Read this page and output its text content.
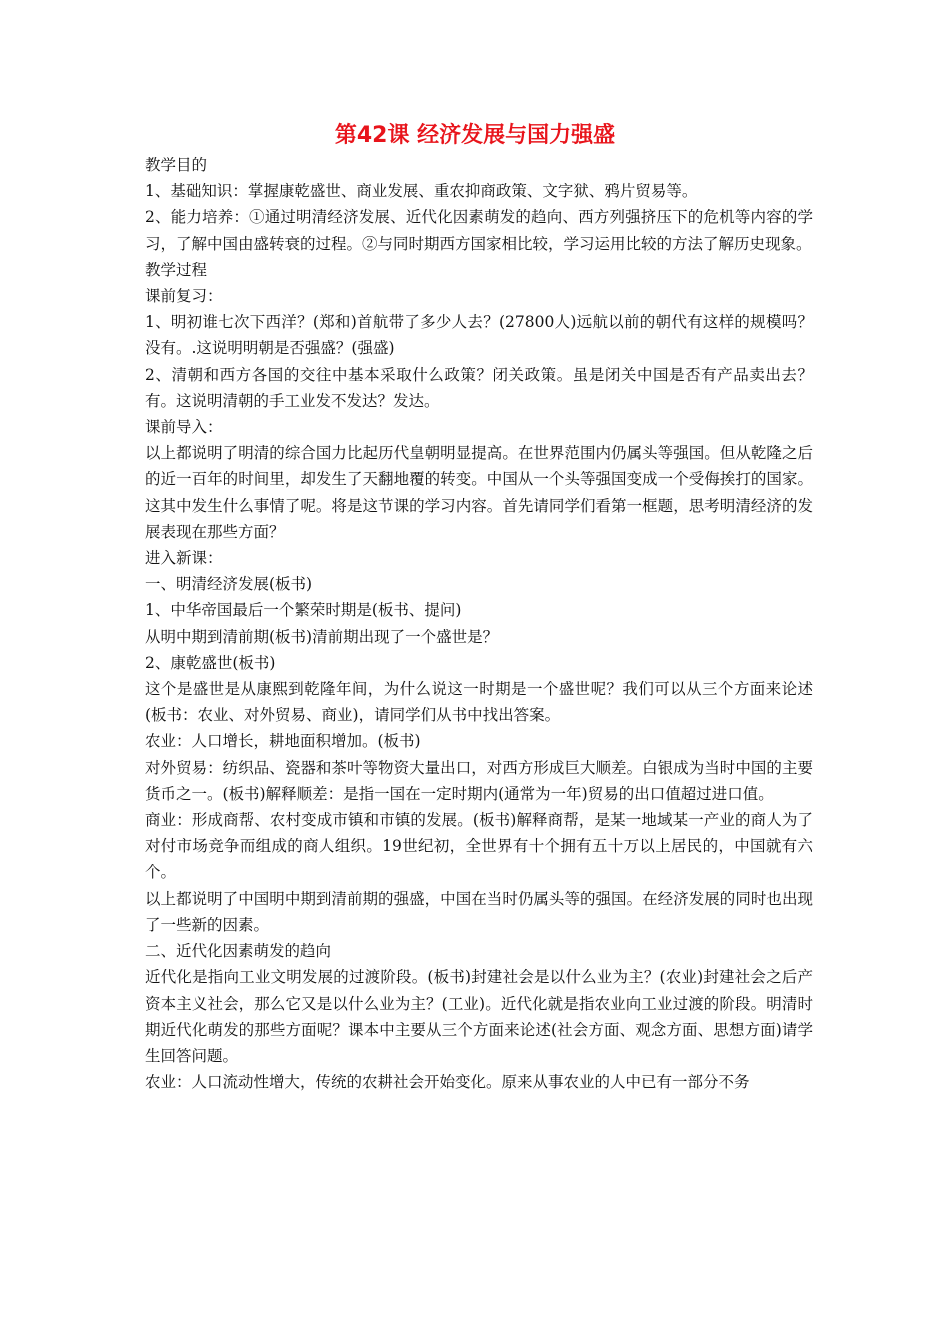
第42课 经济发展与国力强盛

教学目的

1、基础知识：掌握康乾盛世、商业发展、重农抑商政策、文字狱、鸦片贸易等。

2、能力培养：①通过明清经济发展、近代化因素萌发的趋向、西方列强挤压下的危机等内容的学习，了解中国由盛转衰的过程。②与同时期西方国家相比较，学习运用比较的方法了解历史现象。

教学过程

课前复习：

1、明初谁七次下西洋？(郑和)首航带了多少人去？(27800人)远航以前的朝代有这样的规模吗？没有。.这说明明朝是否强盛？(强盛)

2、清朝和西方各国的交往中基本采取什么政策？闭关政策。虽是闭关中国是否有产品卖出去？有。这说明清朝的手工业发不发达？发达。

课前导入：

以上都说明了明清的综合国力比起历代皇朝明显提高。在世界范围内仍属头等强国。但从乾隆之后的近一百年的时间里，却发生了天翻地覆的转变。中国从一个头等强国变成一个受侮挨打的国家。这其中发生什么事情了呢。将是这节课的学习内容。首先请同学们看第一框题，思考明清经济的发展表现在那些方面？

进入新课：

一、明清经济发展(板书)

1、中华帝国最后一个繁荣时期是(板书、提问)

从明中期到清前期(板书)清前期出现了一个盛世是？

2、康乾盛世(板书)

这个是盛世是从康熙到乾隆年间，为什么说这一时期是一个盛世呢？我们可以从三个方面来论述(板书：农业、对外贸易、商业)，请同学们从书中找出答案。

农业：人口增长，耕地面积增加。(板书)

对外贸易：纺织品、瓷器和茶叶等物资大量出口，对西方形成巨大顺差。白银成为当时中国的主要货币之一。(板书)解释顺差：是指一国在一定时期内(通常为一年)贸易的出口值超过进口值。

商业：形成商帮、农村变成市镇和市镇的发展。(板书)解释商帮，是某一地域某一产业的商人为了对付市场竞争而组成的商人组织。19世纪初，全世界有十个拥有五十万以上居民的，中国就有六个。

以上都说明了中国明中期到清前期的强盛，中国在当时仍属头等的强国。在经济发展的同时也出现了一些新的因素。

二、近代化因素萌发的趋向

近代化是指向工业文明发展的过渡阶段。(板书)封建社会是以什么业为主？(农业)封建社会之后产资本主义社会，那么它又是以什么业为主？(工业)。近代化就是指农业向工业过渡的阶段。明清时期近代化萌发的那些方面呢？课本中主要从三个方面来论述(社会方面、观念方面、思想方面)请学生回答问题。

农业：人口流动性增大，传统的农耕社会开始变化。原来从事农业的人中已有一部分不务
